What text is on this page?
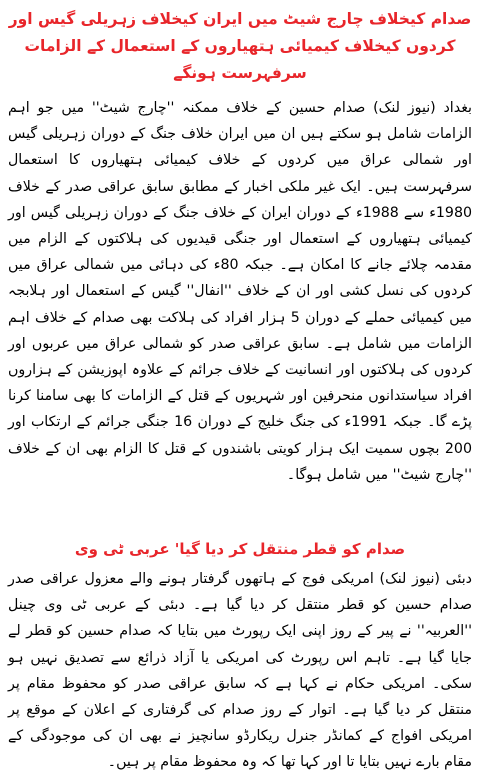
صدام کیخلاف چارج شیٹ میں ایران کیخلاف زہریلی گیس اور کردوں کیخلاف کیمیائی ہتھیاروں کے استعمال کے الزامات سرفہرست ہونگے

بغداد (نیوز لنک) صدام حسین کے خلاف ممکنہ ''چارج شیٹ'' میں جو اہم الزامات شامل ہو سکتے ہیں ان میں ایران خلاف جنگ کے دوران زہریلی گیس اور شمالی عراق میں کردوں کے خلاف کیمیائی ہتھیاروں کا استعمال سرفہرست ہیں۔ ایک غیر ملکی اخبار کے مطابق سابق عراقی صدر کے خلاف 1980ء سے 1988ء کے دوران ایران کے خلاف جنگ کے دوران زہریلی گیس اور کیمیائی ہتھیاروں کے استعمال اور جنگی قیدیوں کی ہلاکتوں کے الزام میں مقدمہ چلائے جانے کا امکان ہے۔ جبکہ 80ء کی دہائی میں شمالی عراق میں کردوں کی نسل کشی اور ان کے خلاف ''انفال'' گیس کے استعمال اور ہلابجہ میں کیمیائی حملے کے دوران 5 ہزار افراد کی ہلاکت بھی صدام کے خلاف اہم الزامات میں شامل ہے۔ سابق عراقی صدر کو شمالی عراق میں عربوں اور کردوں کی ہلاکتوں اور انسانیت کے خلاف جرائم کے علاوہ اپوزیشن کے ہزاروں افراد سیاستدانوں منحرفین اور شہریوں کے قتل کے الزامات کا بھی سامنا کرنا پڑے گا۔ جبکہ 1991ء کی جنگ خلیج کے دوران 16 جنگی جرائم کے ارتکاب اور 200 بچوں سمیت ایک ہزار کویتی باشندوں کے قتل کا الزام بھی ان کے خلاف ''چارج شیٹ'' میں شامل ہوگا۔

صدام کو قطر منتقل کر دیا گیا' عربی ٹی وی

دبئی (نیوز لنک) امریکی فوج کے ہاتھوں گرفتار ہونے والے معزول عراقی صدر صدام حسین کو قطر منتقل کر دیا گیا ہے۔ دبئی کے عربی ٹی وی چینل ''العربیہ'' نے پیر کے روز اپنی ایک رپورٹ میں بتایا کہ صدام حسین کو قطر لے جایا گیا ہے۔ تاہم اس رپورٹ کی امریکی یا آزاد ذرائع سے تصدیق نہیں ہو سکی۔ امریکی حکام نے کہا ہے کہ سابق عراقی صدر کو محفوظ مقام پر منتقل کر دیا گیا ہے۔ اتوار کے روز صدام کی گرفتاری کے اعلان کے موقع پر امریکی افواج کے کمانڈر جنرل ریکارڈو سانچیز نے بھی ان کی موجودگی کے مقام بارے نہیں بتایا تا اور کہا تھا کہ وہ محفوظ مقام پر ہیں۔
